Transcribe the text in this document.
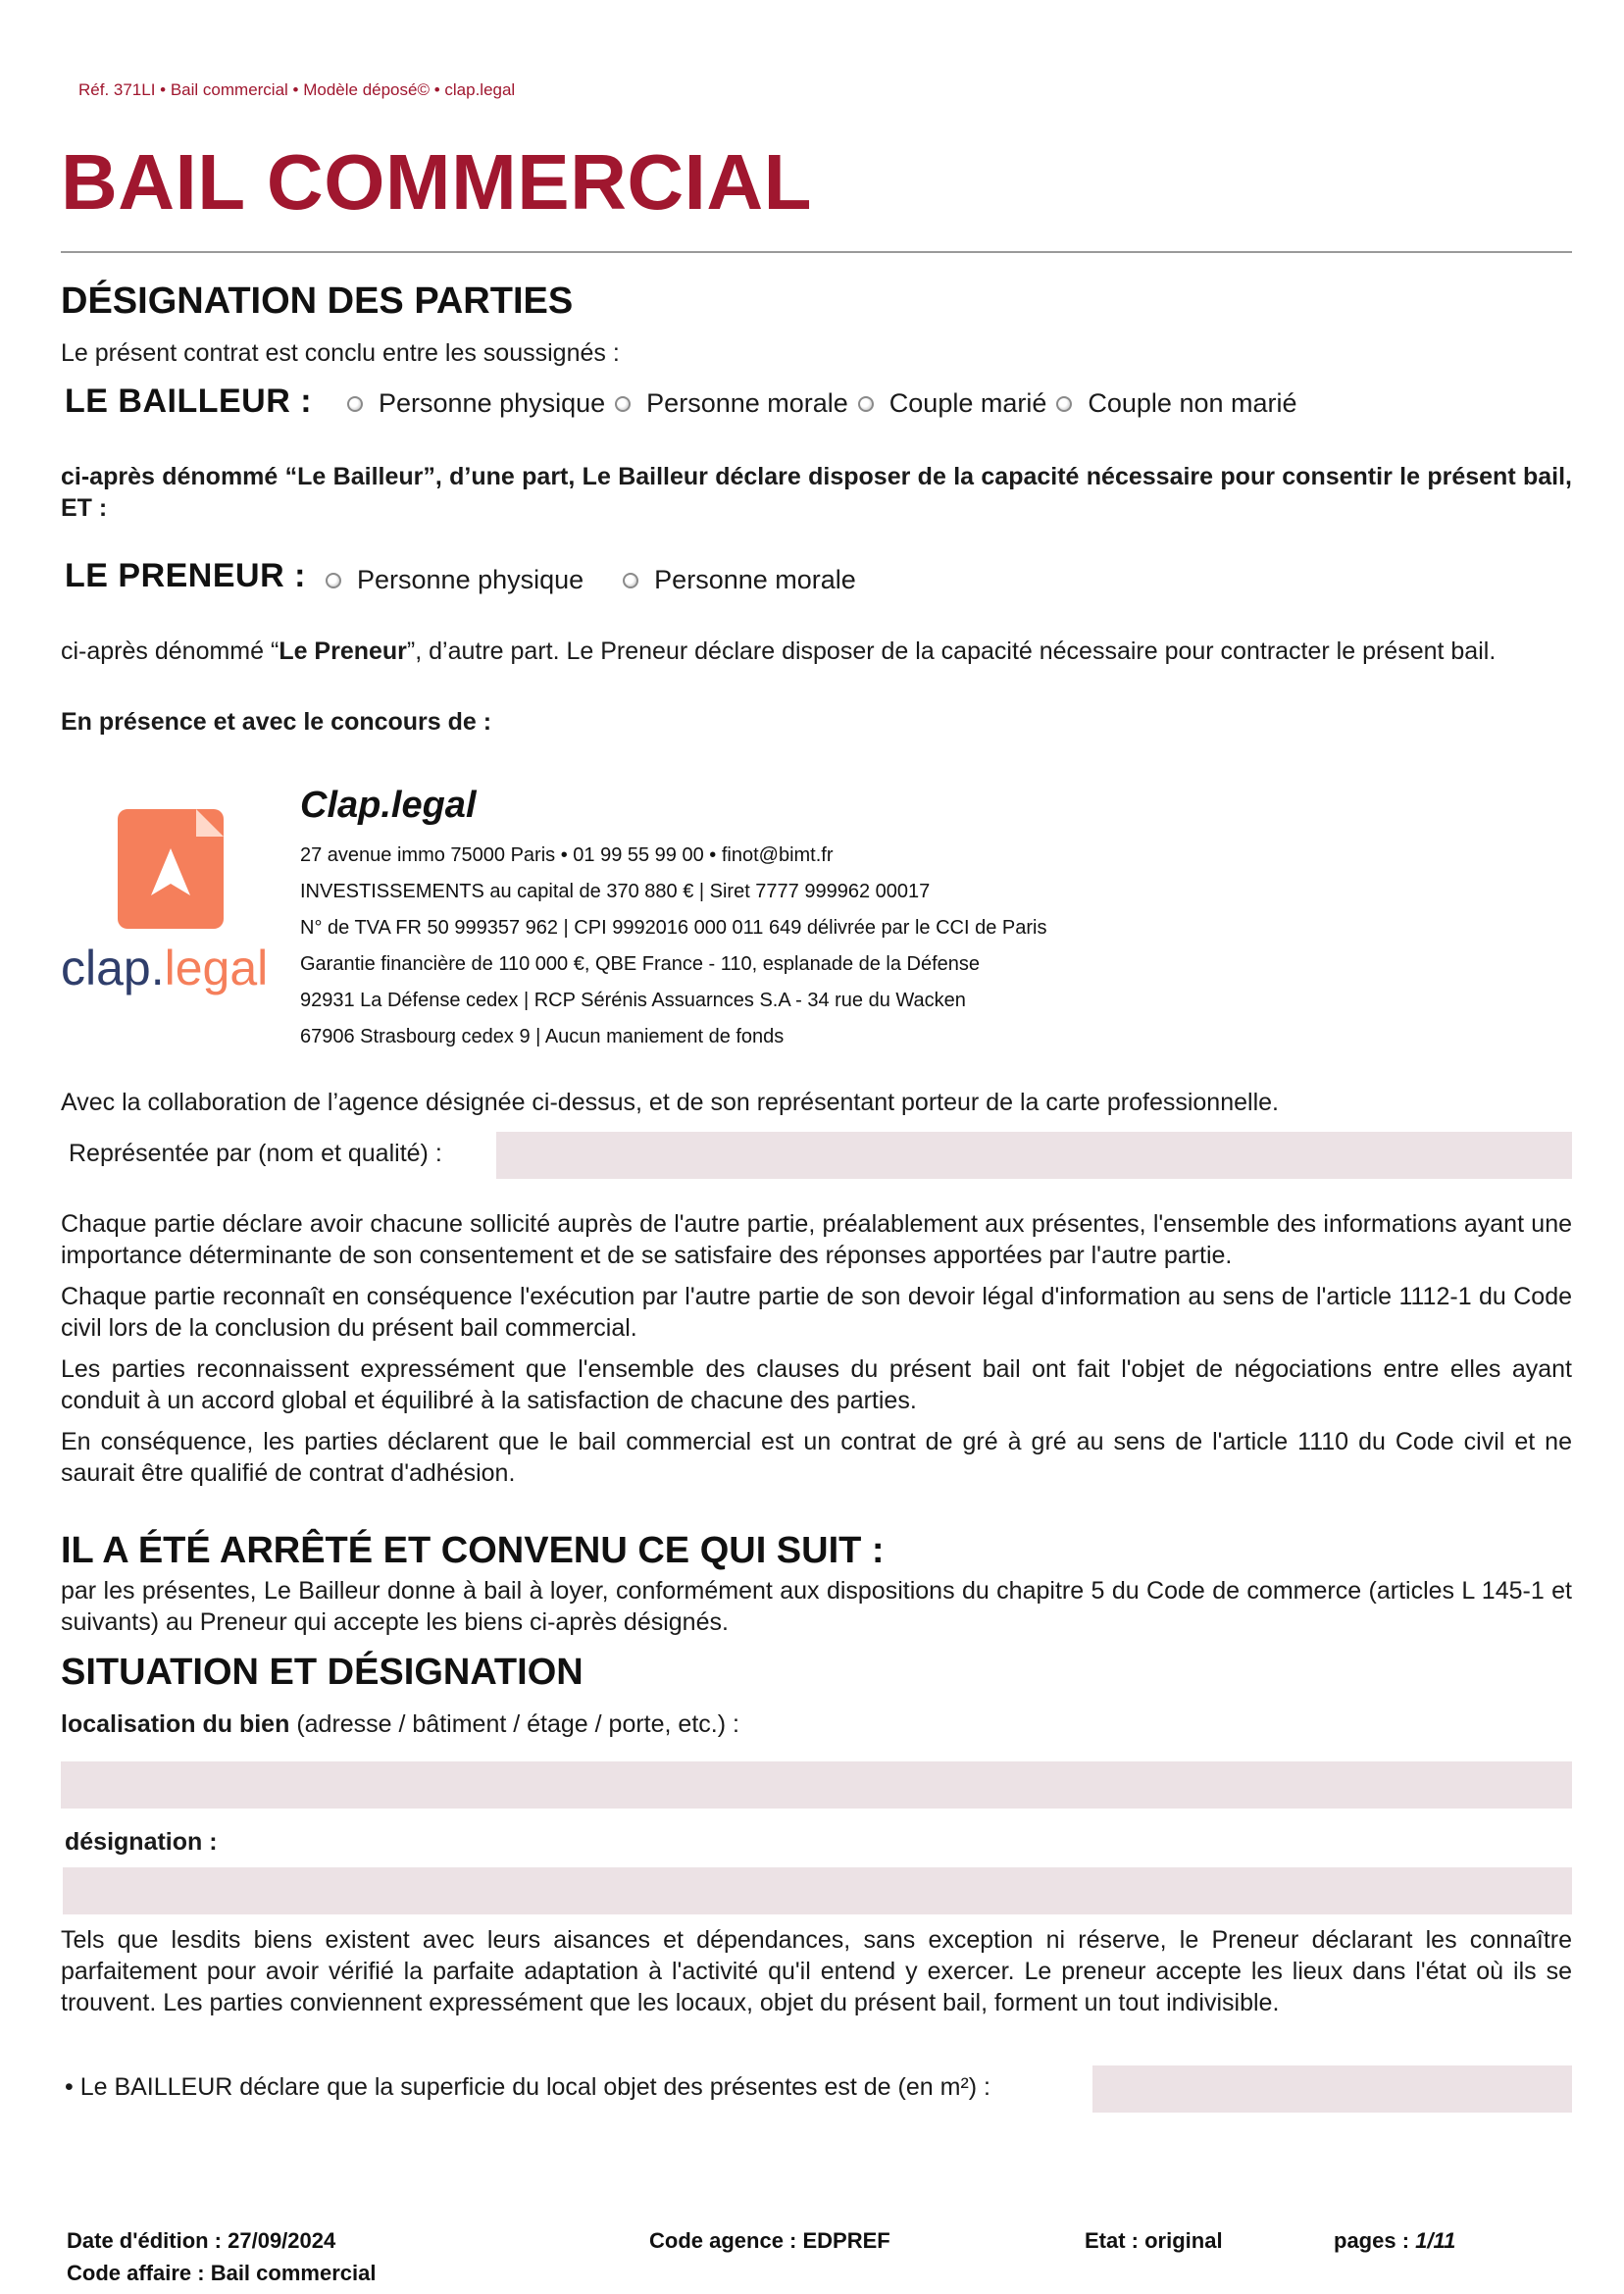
Réf. 371LI • Bail commercial • Modèle déposé© • clap.legal
BAIL COMMERCIAL
DÉSIGNATION DES PARTIES
Le présent contrat est conclu entre les soussignés :
LE BAILLEUR :	Personne physique Personne morale Couple marié Couple non marié
ci-après dénommé “Le Bailleur”, d’une part, Le Bailleur déclare disposer de la capacité nécessaire pour consentir le présent bail, ET :
LE PRENEUR : Personne physique	Personne morale
ci-après dénommé “Le Preneur”, d’autre part. Le Preneur déclare disposer de la capacité nécessaire pour contracter le présent bail.
En présence et avec le concours de :
clap.legal
Clap.legal
27 avenue immo 75000 Paris • 01 99 55 99 00 • finot@bimt.fr
INVESTISSEMENTS au capital de 370 880 € | Siret 7777 999962 00017
N° de TVA FR 50 999357 962 | CPI 9992016 000 011 649 délivrée par le CCI de Paris
Garantie financière de 110 000 €, QBE France - 110, esplanade de la Défense
92931 La Défense cedex | RCP Sérénis Assuarnces S.A - 34 rue du Wacken
67906 Strasbourg cedex 9 | Aucun maniement de fonds
Avec la collaboration de l’agence désignée ci-dessus, et de son représentant porteur de la carte professionnelle.
Représentée par (nom et qualité) :
Chaque partie déclare avoir chacune sollicité auprès de l'autre partie, préalablement aux présentes, l'ensemble des informations ayant une importance déterminante de son consentement et de se satisfaire des réponses apportées par l'autre partie.
Chaque partie reconnaît en conséquence l'exécution par l'autre partie de son devoir légal d'information au sens de l'article 1112-1 du Code civil lors de la conclusion du présent bail commercial.
Les parties reconnaissent expressément que l'ensemble des clauses du présent bail ont fait l'objet de négociations entre elles ayant conduit à un accord global et équilibré à la satisfaction de chacune des parties.
En conséquence, les parties déclarent que le bail commercial est un contrat de gré à gré au sens de l'article 1110 du Code civil et ne saurait être qualifié de contrat d'adhésion.
IL A ÉTÉ ARRÊTÉ ET CONVENU CE QUI SUIT :
par les présentes, Le Bailleur donne à bail à loyer, conformément aux dispositions du chapitre 5 du Code de commerce (articles L 145-1 et suivants) au Preneur qui accepte les biens ci-après désignés.
SITUATION ET DÉSIGNATION
localisation du bien (adresse / bâtiment / étage / porte, etc.) :
désignation :
Tels que lesdits biens existent avec leurs aisances et dépendances, sans exception ni réserve, le Preneur déclarant les connaître parfaitement pour avoir vérifié la parfaite adaptation à l'activité qu'il entend y exercer. Le preneur accepte les lieux dans l'état où ils se trouvent. Les parties conviennent expressément que les locaux, objet du présent bail, forment un tout indivisible.
• Le BAILLEUR déclare que la superficie du local objet des présentes est de (en m²) :
Date d'édition : 27/09/2024
Code affaire : Bail commercial
Code agence : EDPREF	Etat : original	pages : 1/11
